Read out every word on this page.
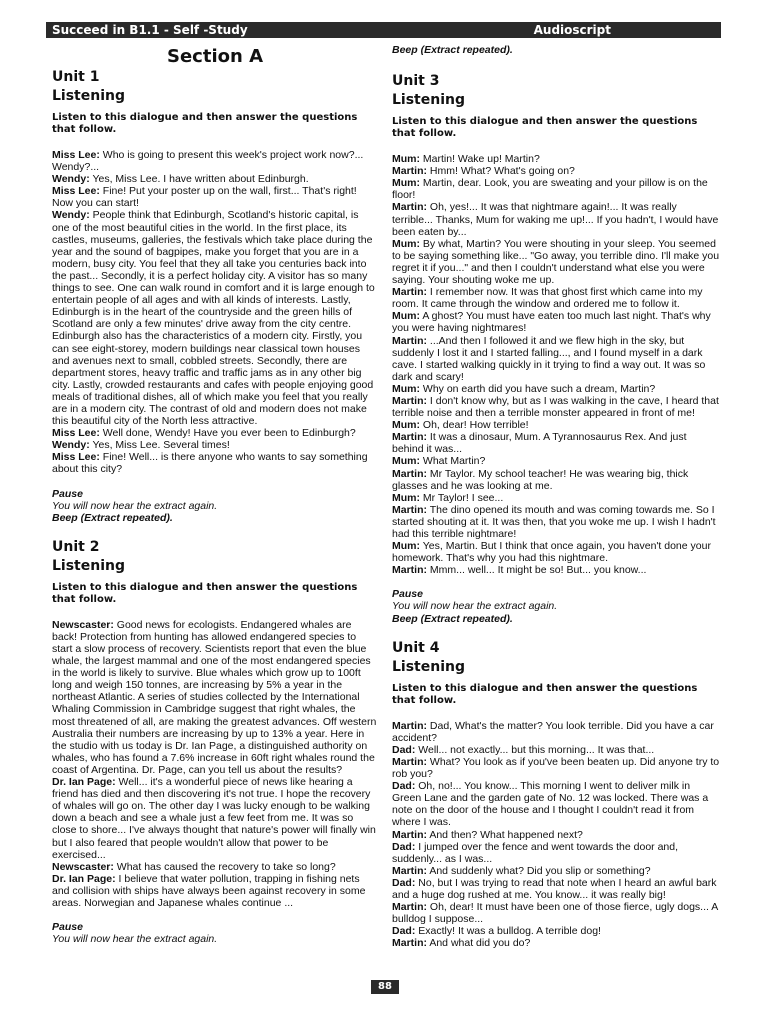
Succeed in B1.1 - Self -Study	Audioscript
Section A
Unit 1
Listening
Listen to this dialogue and then answer the questions that follow.
Miss Lee: Who is going to present this week's project work now?... Wendy?...
Wendy: Yes, Miss Lee. I have written about Edinburgh.
Miss Lee: Fine! Put your poster up on the wall, first... That's right! Now you can start!
Wendy: People think that Edinburgh, Scotland's historic capital, is one of the most beautiful cities in the world. In the first place, its castles, museums, galleries, the festivals which take place during the year and the sound of bagpipes, make you forget that you are in a modern, busy city. You feel that they all take you centuries back into the past... Secondly, it is a perfect holiday city. A visitor has so many things to see. One can walk round in comfort and it is large enough to entertain people of all ages and with all kinds of interests. Lastly, Edinburgh is in the heart of the countryside and the green hills of Scotland are only a few minutes' drive away from the city centre. Edinburgh also has the characteristics of a modern city. Firstly, you can see eight-storey, modern buildings near classical town houses and avenues next to small, cobbled streets. Secondly, there are department stores, heavy traffic and traffic jams as in any other big city. Lastly, crowded restaurants and cafes with people enjoying good meals of traditional dishes, all of which make you feel that you really are in a modern city. The contrast of old and modern does not make this beautiful city of the North less attractive.
Miss Lee: Well done, Wendy! Have you ever been to Edinburgh?
Wendy: Yes, Miss Lee. Several times!
Miss Lee: Fine! Well... is there anyone who wants to say something about this city?
Pause
You will now hear the extract again.
Beep (Extract repeated).
Unit 2
Listening
Listen to this dialogue and then answer the questions that follow.
Newscaster: Good news for ecologists. Endangered whales are back! Protection from hunting has allowed endangered species to start a slow process of recovery. Scientists report that even the blue whale, the largest mammal and one of the most endangered species in the world is likely to survive. Blue whales which grow up to 100ft long and weigh 150 tonnes, are increasing by 5% a year in the northeast Atlantic. A series of studies collected by the International Whaling Commission in Cambridge suggest that right whales, the most threatened of all, are making the greatest advances. Off western Australia their numbers are increasing by up to 13% a year. Here in the studio with us today is Dr. Ian Page, a distinguished authority on whales, who has found a 7.6% increase in 60ft right whales round the coast of Argentina. Dr. Page, can you tell us about the results?
Dr. Ian Page: Well... it's a wonderful piece of news like hearing a friend has died and then discovering it's not true. I hope the recovery of whales will go on. The other day I was lucky enough to be walking down a beach and see a whale just a few feet from me. It was so close to shore... I've always thought that nature's power will finally win but I also feared that people wouldn't allow that power to be exercised...
Newscaster: What has caused the recovery to take so long?
Dr. Ian Page: I believe that water pollution, trapping in fishing nets and collision with ships have always been against recovery in some areas. Norwegian and Japanese whales continue ...
Pause
You will now hear the extract again.
Beep (Extract repeated).
Unit 3
Listening
Listen to this dialogue and then answer the questions that follow.
Mum: Martin! Wake up! Martin?
Martin: Hmm! What? What's going on?
Mum: Martin, dear. Look, you are sweating and your pillow is on the floor!
Martin: Oh, yes!... It was that nightmare again!... It was really terrible... Thanks, Mum for waking me up!... If you hadn't, I would have been eaten by...
Mum: By what, Martin? You were shouting in your sleep. You seemed to be saying something like... "Go away, you terrible dino. I'll make you regret it if you..." and then I couldn't understand what else you were saying. Your shouting woke me up.
Martin: I remember now. It was that ghost first which came into my room. It came through the window and ordered me to follow it.
Mum: A ghost? You must have eaten too much last night. That's why you were having nightmares!
Martin: ...And then I followed it and we flew high in the sky, but suddenly I lost it and I started falling..., and I found myself in a dark cave. I started walking quickly in it trying to find a way out. It was so dark and scary!
Mum: Why on earth did you have such a dream, Martin?
Martin: I don't know why, but as I was walking in the cave, I heard that terrible noise and then a terrible monster appeared in front of me!
Mum: Oh, dear! How terrible!
Martin: It was a dinosaur, Mum. A Tyrannosaurus Rex. And just behind it was...
Mum: What Martin?
Martin: Mr Taylor. My school teacher! He was wearing big, thick glasses and he was looking at me.
Mum: Mr Taylor! I see...
Martin: The dino opened its mouth and was coming towards me. So I started shouting at it. It was then, that you woke me up. I wish I hadn't had this terrible nightmare!
Mum: Yes, Martin. But I think that once again, you haven't done your homework. That's why you had this nightmare.
Martin: Mmm... well... It might be so! But... you know...
Pause
You will now hear the extract again.
Beep (Extract repeated).
Unit 4
Listening
Listen to this dialogue and then answer the questions that follow.
Martin: Dad, What's the matter? You look terrible. Did you have a car accident?
Dad: Well... not exactly... but this morning... It was that...
Martin: What? You look as if you've been beaten up. Did anyone try to rob you?
Dad: Oh, no!... You know... This morning I went to deliver milk in Green Lane and the garden gate of No. 12 was locked. There was a note on the door of the house and I thought I couldn't read it from where I was.
Martin: And then? What happened next?
Dad: I jumped over the fence and went towards the door and, suddenly... as I was...
Martin: And suddenly what? Did you slip or something?
Dad: No, but I was trying to read that note when I heard an awful bark and a huge dog rushed at me. You know... it was really big!
Martin: Oh, dear! It must have been one of those fierce, ugly dogs... A bulldog I suppose...
Dad: Exactly! It was a bulldog. A terrible dog!
Martin: And what did you do?
88
